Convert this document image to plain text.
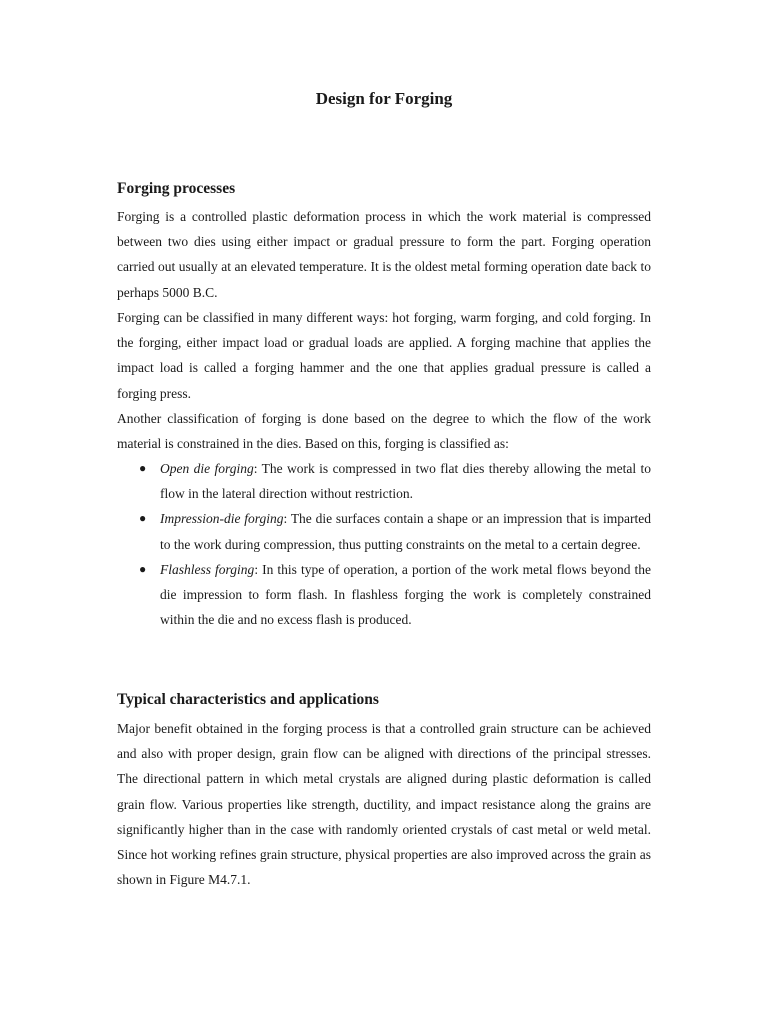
Design for Forging
Forging processes

Forging is a controlled plastic deformation process in which the work material is compressed between two dies using either impact or gradual pressure to form the part. Forging operation carried out usually at an elevated temperature. It is the oldest metal forming operation date back to perhaps 5000 B.C.

Forging can be classified in many different ways: hot forging, warm forging, and cold forging. In the forging, either impact load or gradual loads are applied. A forging machine that applies the impact load is called a forging hammer and the one that applies gradual pressure is called a forging press.

Another classification of forging is done based on the degree to which the flow of the work material is constrained in the dies. Based on this, forging is classified as:

● Open die forging: The work is compressed in two flat dies thereby allowing the metal to flow in the lateral direction without restriction.
● Impression-die forging: The die surfaces contain a shape or an impression that is imparted to the work during compression, thus putting constraints on the metal to a certain degree.
● Flashless forging: In this type of operation, a portion of the work metal flows beyond the die impression to form flash. In flashless forging the work is completely constrained within the die and no excess flash is produced.
Typical characteristics and applications

Major benefit obtained in the forging process is that a controlled grain structure can be achieved and also with proper design, grain flow can be aligned with directions of the principal stresses. The directional pattern in which metal crystals are aligned during plastic deformation is called grain flow. Various properties like strength, ductility, and impact resistance along the grains are significantly higher than in the case with randomly oriented crystals of cast metal or weld metal. Since hot working refines grain structure, physical properties are also improved across the grain as shown in Figure M4.7.1.
